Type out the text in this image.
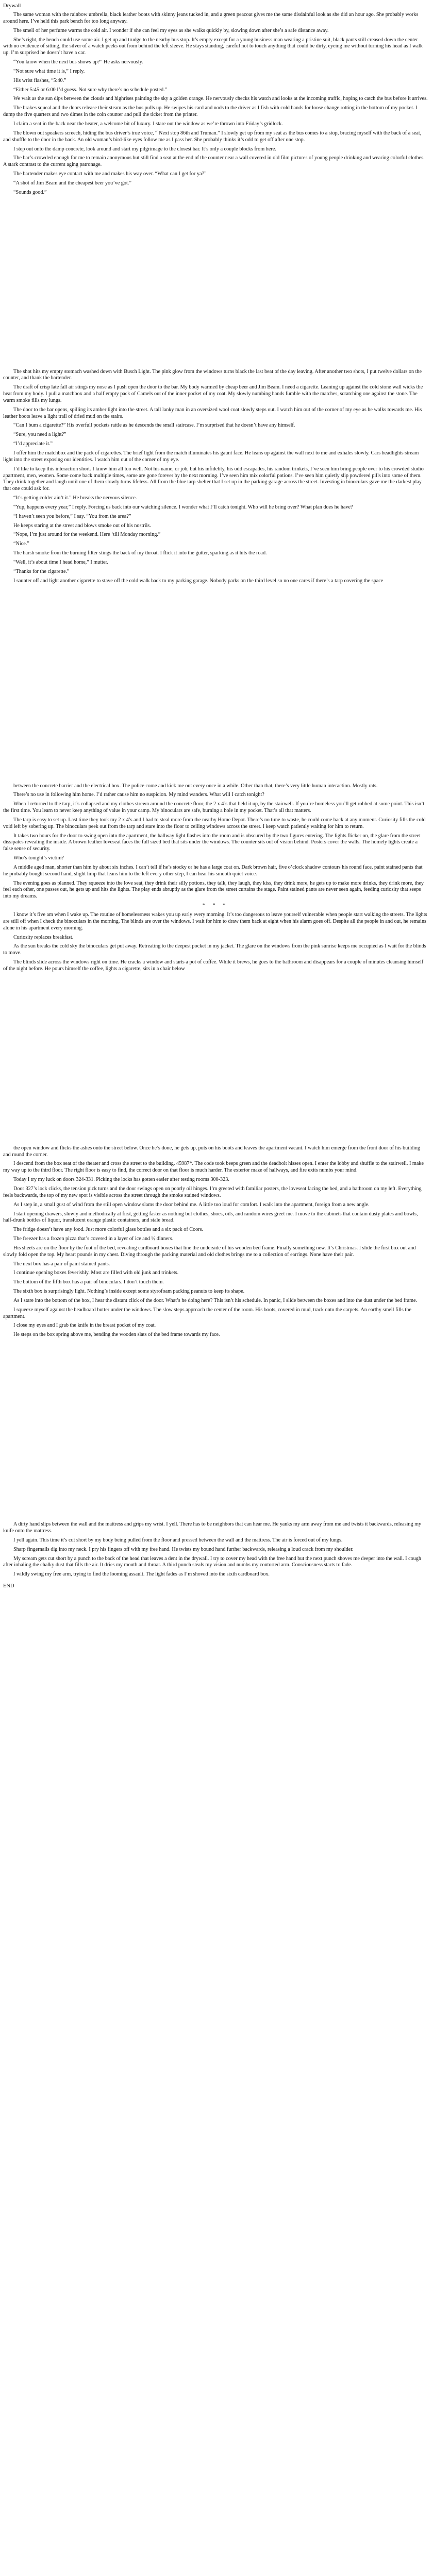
Drywall

The same woman with the rainbow umbrella, black leather boots with skinny jeans tucked in, and a green peacoat gives me the same disdainful look as she did an hour ago. She probably works around here. I’ve held this park bench for too long anyway.

The smell of her perfume warms the cold air. I wonder if she can feel my eyes as she walks quickly by, slowing down after she’s a safe distance away.

She’s right, the bench could use some air. I get up and trudge to the nearby bus stop. It’s empty except for a young business man wearing a pristine suit, black pants still creased down the center with no evidence of sitting, the silver of a watch peeks out from behind the left sleeve. He stays standing, careful not to touch anything that could be dirty, eyeing me without turning his head as I walk up. I’m surprised he doesn’t have a car.

“You know when the next bus shows up?” He asks nervously.

“Not sure what time it is,” I reply.

His wrist flashes, “5:40.”

“Either 5:45 or 6:00 I’d guess. Not sure why there’s no schedule posted.”

We wait as the sun dips between the clouds and highrises painting the sky a golden orange. He nervously checks his watch and looks at the incoming traffic, hoping to catch the bus before it arrives.

The brakes squeal and the doors release their steam as the bus pulls up. He swipes his card and nods to the driver as I fish with cold hands for loose change rotting in the bottom of my pocket. I dump the five quarters and two dimes in the coin counter and pull the ticket from the printer.

I claim a seat in the back near the heater, a welcome bit of luxury. I stare out the window as we’re thrown into Friday’s gridlock.

The blown out speakers screech, hiding the bus driver’s true voice, “ Next stop 86th and Truman.” I slowly get up from my seat as the bus comes to a stop, bracing myself with the back of a seat, and shuffle to the door in the back. An old woman’s bird-like eyes follow me as I pass her. She probably thinks it’s odd to get off after one stop.

I step out onto the damp concrete, look around and start my pilgrimage to the closest bar. It’s only a couple blocks from here.

The bar’s crowded enough for me to remain anonymous but still find a seat at the end of the counter near a wall covered in old film pictures of young people drinking and wearing colorful clothes. A stark contrast to the current aging patronage.

The bartender makes eye contact with me and makes his way over. “What can I get for ya?”

“A shot of Jim Beam and the cheapest beer you’ve got.”

“Sounds good.”

The shot hits my empty stomach washed down with Busch Light. The pink glow from the windows turns black the last beat of the day leaving. After another two shots, I put twelve dollars on the counter, and thank the bartender.

The draft of crisp late fall air stings my nose as I push open the door to the bar. My body warmed by cheap beer and Jim Beam. I need a cigarette. Leaning up against the cold stone wall wicks the heat from my body. I pull a matchbox and a half empty pack of Camels out of the inner pocket of my coat. My slowly numbing hands fumble with the matches, scratching one against the stone. The warm smoke fills my lungs.

The door to the bar opens, spilling its amber light into the street. A tall lanky man in an oversized wool coat slowly steps out. I watch him out of the corner of my eye as he walks towards me. His leather boots leave a light trail of dried mud on the stairs.

“Can I bum a cigarette?” His overfull pockets rattle as he descends the small staircase. I’m surprised that he doesn’t have any himself.

“Sure, you need a light?”

“I’d appreciate it.”

I offer him the matchbox and the pack of cigarettes. The brief light from the match illuminates his gaunt face. He leans up against the wall next to me and exhales slowly. Cars headlights stream light into the street exposing our identities. I watch him out of the corner of my eye.

I’d like to keep this interaction short. I know him all too well. Not his name, or job, but his infidelity, his odd escapades, his random trinkets, I’ve seen him bring people over to his crowded studio apartment, men, women. Some come back multiple times, some are gone forever by the next morning. I’ve seen him mix colorful potions. I’ve seen him quietly slip powdered pills into some of them. They drink together and laugh until one of them slowly turns lifeless. All from the blue tarp shelter that I set up in the parking garage across the street. Investing in binoculars gave me the darkest play that one could ask for.

“It’s getting colder ain’t it.” He breaks the nervous silence.

“Yup, happens every year,” I reply. Forcing us back into our watching silence. I wonder what I’ll catch tonight. Who will he bring over? What plan does he have?

“I haven’t seen you before,” I say. “You from the area?”

He keeps staring at the street and blows smoke out of his nostrils.

“Nope, I’m just around for the weekend. Here ‘till Monday morning.”

“Nice.”

The harsh smoke from the burning filter stings the back of my throat. I flick it into the gutter, sparking as it hits the road.

“Well, it’s about time I head home,” I mutter.

“Thanks for the cigarette.”

I saunter off and light another cigarette to stave off the cold walk back to my parking garage. Nobody parks on the third level so no one cares if there’s a tarp covering the space

between the concrete barrier and the electrical box. The police come and kick me out every once in a while. Other than that, there’s very little human interaction. Mostly rats.

There’s no use in following him home. I’d rather cause him no suspicion. My mind wanders. What will I catch tonight?

When I returned to the tarp, it’s collapsed and my clothes strewn around the concrete floor, the 2 x 4’s that held it up, by the stairwell. If you’re homeless you’ll get robbed at some point. This isn’t the first time. You learn to never keep anything of value in your camp. My binoculars are safe, burning a hole in my pocket. That’s all that matters.

The tarp is easy to set up. Last time they took my 2 x 4’s and I had to steal more from the nearby Home Depot. There’s no time to waste, he could come back at any moment. Curiosity fills the cold void left by sobering up. The binoculars peek out from the tarp and stare into the floor to ceiling windows across the street. I keep watch patiently waiting for him to return.

It takes two hours for the door to swing open into the apartment, the hallway light flashes into the room and is obscured by the two figures entering. The lights flicker on, the glare from the street dissipates revealing the inside. A brown leather loveseat faces the full sized bed that sits under the windows. The counter sits out of vision behind. Posters cover the walls. The homely lights create a false sense of security.

Who’s tonight’s victim?

A middle aged man, shorter than him by about six inches. I can’t tell if he’s stocky or he has a large coat on. Dark brown hair, five o’clock shadow contours his round face, paint stained pants that he probably bought second hand, slight limp that leans him to the left every other step, I can hear his smooth quiet voice.

The evening goes as planned. They squeeze into the love seat, they drink their silly potions, they talk, they laugh, they kiss, they drink more, he gets up to make more drinks, they drink more, they feel each other, one passes out, he gets up and hits the lights. The play ends abruptly as the glare from the street curtains the stage. Paint stained pants are never seen again, feeding curiosity that seeps into my dreams.

* * *

I know it’s five am when I wake up. The routine of homelessness wakes you up early every morning. It’s too dangerous to leave yourself vulnerable when people start walking the streets. The lights are still off when I check the binoculars in the morning. The blinds are over the windows. I wait for him to draw them back at eight when his alarm goes off. Despite all the people in and out, he remains alone in his apartment every morning.

Curiosity replaces breakfast.

As the sun breaks the cold sky the binoculars get put away. Retreating to the deepest pocket in my jacket. The glare on the windows from the pink sunrise keeps me occupied as I wait for the blinds to move.

The blinds slide across the windows right on time. He cracks a window and starts a pot of coffee. While it brews, he goes to the bathroom and disappears for a couple of minutes cleansing himself of the night before. He pours himself the coffee, lights a cigarette, sits in a chair below

the open window and flicks the ashes onto the street below. Once he’s done, he gets up, puts on his boots and leaves the apartment vacant. I watch him emerge from the front door of his building and round the corner.

I descend from the box seat of the theater and cross the street to the building. 45987*. The code took beeps green and the deadbolt hisses open. I enter the lobby and shuffle to the stairwell. I make my way up to the third floor. The right floor is easy to find, the correct door on that floor is much harder. The exterior maze of hallways, and fire exits numbs your mind.

Today I try my luck on doors 324-331. Picking the locks has gotten easier after testing rooms 300-323.

Door 327’s lock clicks, the tension pick turns and the door swings open on poorly oil hinges. I’m greeted with familiar posters, the loveseat facing the bed, and a bathroom on my left. Everything feels backwards, the top of my new spot is visible across the street through the smoke stained windows.

As I step in, a small gust of wind from the still open window slams the door behind me. A little too loud for comfort. I walk into the apartment, foreign from a new angle.

I start opening drawers, slowly and methodically at first, getting faster as nothing but clothes, shoes, oils, and random wires greet me. I move to the cabinets that contain dusty plates and bowls, half-drunk bottles of liquor, translucent orange plastic containers, and stale bread.

The fridge doesn’t have any food. Just more colorful glass bottles and a six pack of Coors.

The freezer has a frozen pizza that’s covered in a layer of ice and ½ dinners.

His sheets are on the floor by the foot of the bed, revealing cardboard boxes that line the underside of his wooden bed frame. Finally something new. It’s Christmas. I slide the first box out and slowly fold open the top. My heart pounds in my chest. Diving through the packing material and old clothes brings me to a collection of earrings. None have their pair.

The next box has a pair of paint stained pants.

I continue opening boxes feverishly. Most are filled with old junk and trinkets.

The bottom of the fifth box has a pair of binoculars. I don’t touch them.

The sixth box is surprisingly light. Nothing’s inside except some styrofoam packing peanuts to keep its shape.

As I stare into the bottom of the box, I hear the distant click of the door. What’s he doing here? This isn’t his schedule. In panic, I slide between the boxes and into the dust under the bed frame.

I squeeze myself against the headboard butter under the windows. The slow steps approach the center of the room. His boots, covered in mud, track onto the carpets. An earthy smell fills the apartment.

I close my eyes and I grab the knife in the breast pocket of my coat.

He steps on the box spring above me, bending the wooden slats of the bed frame towards my face.

A dirty hand slips between the wall and the mattress and grips my wrist. I yell. There has to be neighbors that can hear me. He yanks my arm away from me and twists it backwards, releasing my knife onto the mattress.

I yell again. This time it’s cut short by my body being pulled from the floor and pressed between the wall and the mattress. The air is forced out of my lungs.

Sharp fingernails dig into my neck. I pry his fingers off with my free hand. He twists my bound hand further backwards, releasing a loud crack from my shoulder.

My scream gets cut short by a punch to the back of the head that leaves a dent in the drywall. I try to cover my head with the free hand but the next punch shoves me deeper into the wall. I cough after inhaling the chalky dust that fills the air. It dries my mouth and throat. A third punch steals my vision and numbs my contorted arm. Consciousness starts to fade.

I wildly swing my free arm, trying to find the looming assault. The light fades as I’m shoved into the sixth cardboard box.

END
